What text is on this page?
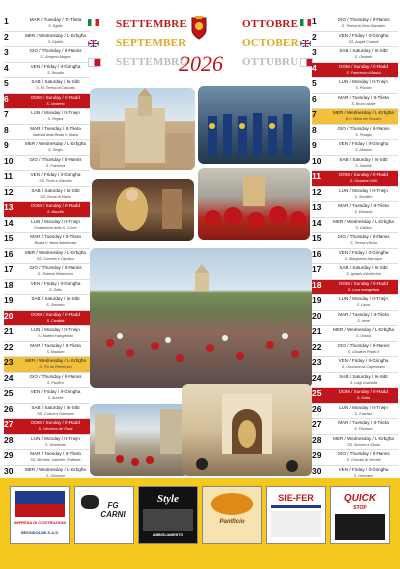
SETTEMBRE
SEPTEMBER
SETTEMBRU
2026
OTTOBRE
OCTOBER
OTTUBRU
1	MAR / Tuesday / Ti-Tlieta
S. Egidio
2	MER / Wednesday / L-Erbgħa
S. Elpidio
3	GIO / Thursday / Il-Ħamis
S. Gregorio Magno
4	VEN / Friday / Il-Ġimgħa
S. Rosalia
5	SAB / Saturday / Is-Sibt
S. M. Teresa di Calcutta
6	DOM / Sunday / Il-Ħadd
S. Umberto
7	LUN / Monday / It-Tnejn
S. Regina
8	MAR / Tuesday / It-Tlieta
Natività della Beata V. Maria
9	MER / Wednesday / L-Erbgħa
S. Sergio
10	GIO / Thursday / Il-Ħamis
S. Pulcheria
11	VEN / Friday / Il-Ġimgħa
SS. Proto e Giacinto
12	SAB / Saturday / Is-Sibt
SS. Nome di Maria
13	DOM / Sunday / Il-Ħadd
S. Maurilio
14	LUN / Monday / It-Tnejn
Esaltazione della S. Croce
15	MAR / Tuesday / It-Tlieta
Beata V. Maria Addolorata
16	MER / Wednesday / L-Erbgħa
SS. Cornelio e Cipriano
17	GIO / Thursday / Il-Ħamis
S. Roberto Bellarmino
18	VEN / Friday / Il-Ġimgħa
S. Sofia
19	SAB / Saturday / Is-Sibt
S. Gennaro
20	DOM / Sunday / Il-Ħadd
S. Candida
21	LUN / Monday / It-Tnejn
S. Matteo evangelista
22	MAR / Tuesday / It-Tlieta
S. Maurizio
23	MER / Wednesday / L-Erbgħa
S. Pio da Pietrelcina
24	GIO / Thursday / Il-Ħamis
S. Pacifico
25	VEN / Friday / Il-Ġimgħa
S. Aurelia
26	SAB / Saturday / Is-Sibt
SS. Cosma e Damiano
27	DOM / Sunday / Il-Ħadd
S. Vincenzo de' Paoli
28	LUN / Monday / It-Tnejn
S. Venceslao
29	MAR / Tuesday / It-Tlieta
SS. Michele, Gabriele, Raffaele
30	MER / Wednesday / L-Erbgħa
S. Girolamo
1	GIO / Thursday / Il-Ħamis
S. Teresa di Gesù Bambino
2	VEN / Friday / Il-Ġimgħa
SS. Angeli Custodi
3	SAB / Saturday / Is-Sibt
S. Gerardo
4	DOM / Sunday / Il-Ħadd
S. Francesco d'Assisi
5	LUN / Monday / It-Tnejn
S. Placido
6	MAR / Tuesday / It-Tlieta
S. Bruno abate
7	MER / Wednesday / L-Erbgħa
B.V. Maria del Rosario
8	GIO / Thursday / Il-Ħamis
S. Pelagia
9	VEN / Friday / Il-Ġimgħa
S. Abramo
10	SAB / Saturday / Is-Sibt
S. Daniele
11	DOM / Sunday / Il-Ħadd
S. Giovanni XXIII
12	LUN / Monday / It-Tnejn
S. Serafino
13	MAR / Tuesday / It-Tlieta
S. Edoardo
14	MER / Wednesday / L-Erbgħa
S. Callisto
15	GIO / Thursday / Il-Ħamis
S. Teresa d'Avila
16	VEN / Friday / Il-Ġimgħa
S. Margherita Alacoque
17	SAB / Saturday / Is-Sibt
S. Ignazio d'Antiochia
18	DOM / Sunday / Il-Ħadd
S. Luca evangelista
19	LUN / Monday / It-Tnejn
S. Laura
20	MAR / Tuesday / It-Tlieta
S. Irene
21	MER / Wednesday / L-Erbgħa
S. Orsola
22	GIO / Thursday / Il-Ħamis
S. Giovanni Paolo II
23	VEN / Friday / Il-Ġimgħa
S. Giovanni da Capestrano
24	SAB / Saturday / Is-Sibt
S. Luigi Guanella
25	DOM / Sunday / Il-Ħadd
S. Daria
26	LUN / Monday / It-Tnejn
S. Evaristo
27	MAR / Tuesday / It-Tlieta
S. Fiorenzo
28	MER / Wednesday / L-Erbgħa
SS. Simone e Giuda
29	GIO / Thursday / Il-Ħamis
S. Onorato di Vercelli
30	VEN / Friday / Il-Ġimgħa
S. Germano
IMPRESA DI COSTRUZIONI
BRONDOLINI S.A.S.
FG CARNI
Style
ABBIGLIAMENTO
Panificio
SIE-FER	QUICK
STOP
